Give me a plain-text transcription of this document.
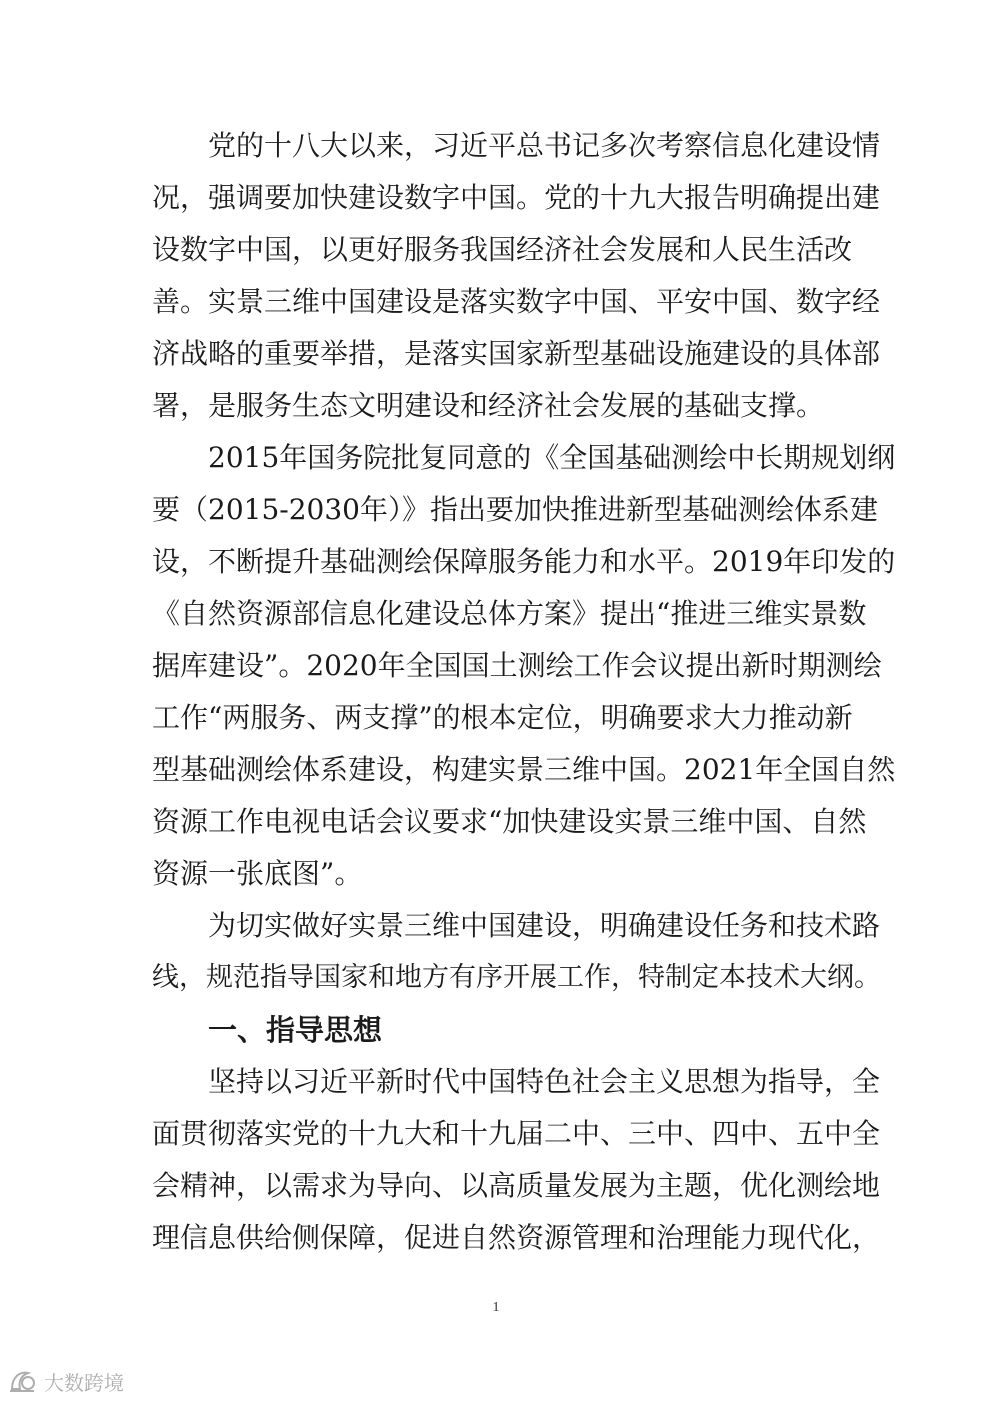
党的十八大以来，习近平总书记多次考察信息化建设情
况，强调要加快建设数字中国。党的十九大报告明确提出建
设数字中国，以更好服务我国经济社会发展和人民生活改
善。实景三维中国建设是落实数字中国、平安中国、数字经
济战略的重要举措，是落实国家新型基础设施建设的具体部
署，是服务生态文明建设和经济社会发展的基础支撑。
2015年国务院批复同意的《全国基础测绘中长期规划纲
要（2015-2030年）》指出要加快推进新型基础测绘体系建
设，不断提升基础测绘保障服务能力和水平。2019年印发的
《自然资源部信息化建设总体方案》提出“推进三维实景数
据库建设”。2020年全国国土测绘工作会议提出新时期测绘
工作“两服务、两支撑”的根本定位，明确要求大力推动新
型基础测绘体系建设，构建实景三维中国。2021年全国自然
资源工作电视电话会议要求“加快建设实景三维中国、自然
资源一张底图”。
为切实做好实景三维中国建设，明确建设任务和技术路
线，规范指导国家和地方有序开展工作，特制定本技术大纲。
一、指导思想
坚持以习近平新时代中国特色社会主义思想为指导，全
面贯彻落实党的十九大和十九届二中、三中、四中、五中全
会精神，以需求为导向、以高质量发展为主题，优化测绘地
理信息供给侧保障，促进自然资源管理和治理能力现代化，
1
大数跨境
